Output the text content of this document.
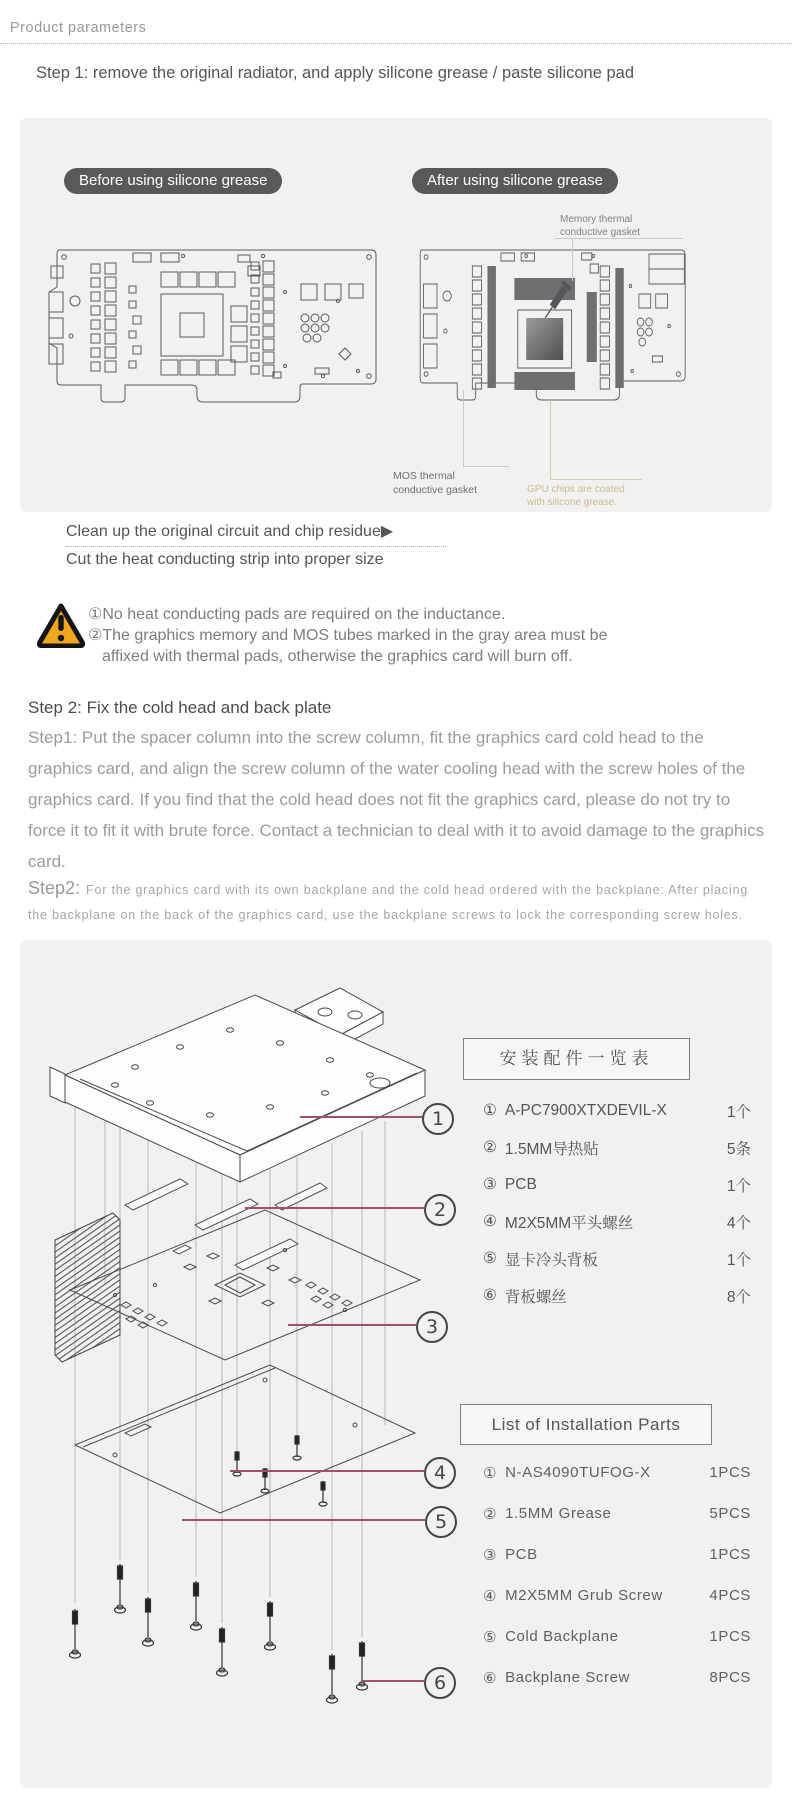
Product parameters
Step 1: remove the original radiator, and apply silicone grease / paste silicone pad
Before using silicone grease	After using silicone grease
Memory thermal
conductive gasket
MOS thermal
conductive gasket	GPU chips are coated
with silicone grease.
Clean up the original circuit and chip residue▶
Cut the heat conducting strip into proper size
①No heat conducting pads are required on the inductance.
②The graphics memory and MOS tubes marked in the gray area must be
affixed with thermal pads, otherwise the graphics card will burn off.
Step 2: Fix the cold head and back plate
Step1: Put the spacer column into the screw column, fit the graphics card cold head to the graphics card, and align the screw column of the water cooling head with the screw holes of the graphics card. If you find that the cold head does not fit the graphics card, please do not try to force it to fit it with brute force. Contact a technician to deal with it to avoid damage to the graphics card.
Step2: For the graphics card with its own backplane and the cold head ordered with the backplane: After placing the backplane on the back of the graphics card, use the backplane screws to lock the corresponding screw holes.
1
2
3
4
5
6
安装配件一览表
① A-PC7900XTXDEVIL-X	1个
② 1.5MM导热贴	5条
③ PCB	1个
④ M2X5MM平头螺丝	4个
⑤ 显卡冷头背板	1个
⑥ 背板螺丝	8个
List of Installation Parts
① N-AS4090TUFOG-X	1PCS
② 1.5MM Grease	5PCS
③ PCB	1PCS
④ M2X5MM Grub Screw	4PCS
⑤ Cold Backplane	1PCS
⑥ Backplane Screw	8PCS
